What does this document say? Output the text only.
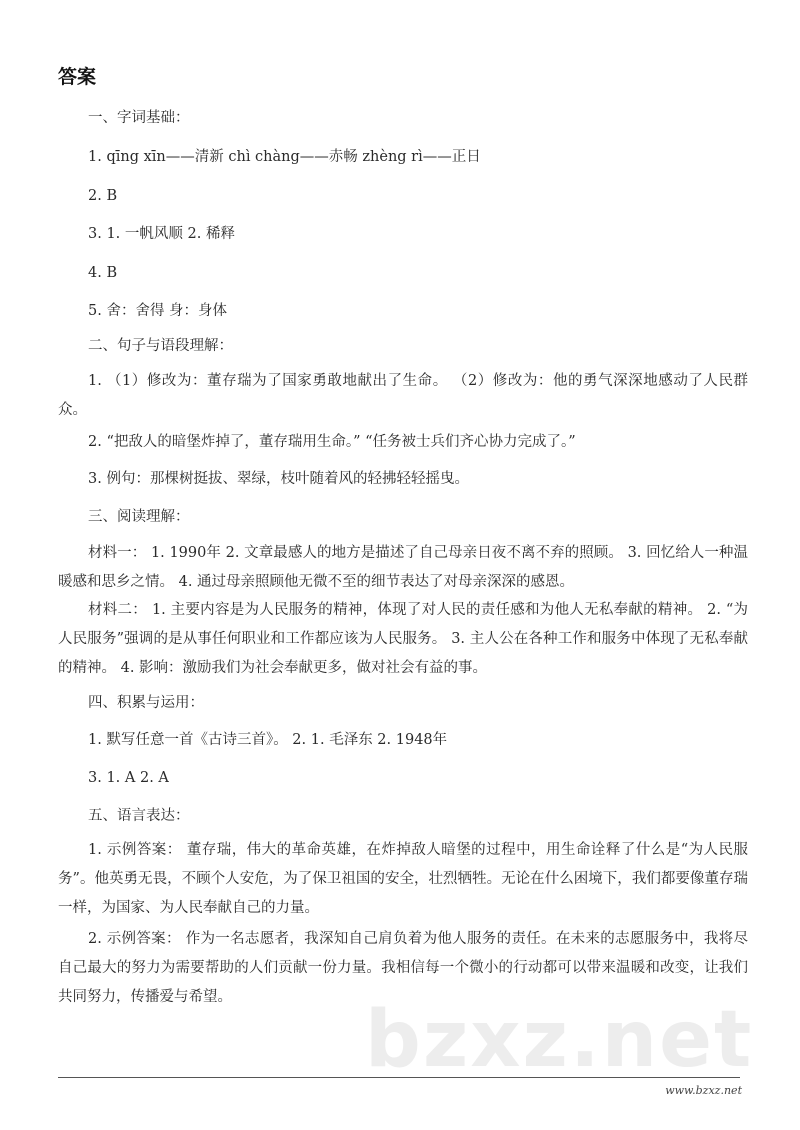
答案
一、字词基础：
1. qīng xīn——清新 chì chàng——赤畅 zhèng rì——正日
2. B
3. 1. 一帆风顺 2. 稀释
4. B
5. 舍：舍得 身：身体
二、句子与语段理解：
1. （1）修改为：董存瑞为了国家勇敢地献出了生命。 （2）修改为：他的勇气深深地感动了人民群众。
2. “把敌人的暗堡炸掉了，董存瑞用生命。” “任务被士兵们齐心协力完成了。”
3. 例句：那棵树挺拔、翠绿，枝叶随着风的轻拂轻轻摇曳。
三、阅读理解：
材料一： 1. 1990年 2. 文章最感人的地方是描述了自己母亲日夜不离不弃的照顾。 3. 回忆给人一种温暖感和思乡之情。 4. 通过母亲照顾他无微不至的细节表达了对母亲深深的感恩。
材料二： 1. 主要内容是为人民服务的精神，体现了对人民的责任感和为他人无私奉献的精神。 2. “为人民服务”强调的是从事任何职业和工作都应该为人民服务。 3. 主人公在各种工作和服务中体现了无私奉献的精神。 4. 影响：激励我们为社会奉献更多，做对社会有益的事。
四、积累与运用：
1. 默写任意一首《古诗三首》。 2. 1. 毛泽东 2. 1948年
3. 1. A 2. A
五、语言表达：
1. 示例答案： 董存瑞，伟大的革命英雄，在炸掉敌人暗堡的过程中，用生命诠释了什么是“为人民服务”。他英勇无畏，不顾个人安危，为了保卫祖国的安全，壮烈牺牲。无论在什么困境下，我们都要像董存瑞一样，为国家、为人民奉献自己的力量。
2. 示例答案： 作为一名志愿者，我深知自己肩负着为他人服务的责任。在未来的志愿服务中，我将尽自己最大的努力为需要帮助的人们贡献一份力量。我相信每一个微小的行动都可以带来温暖和改变，让我们共同努力，传播爱与希望。	bzxz.net
www.bzxz.net
